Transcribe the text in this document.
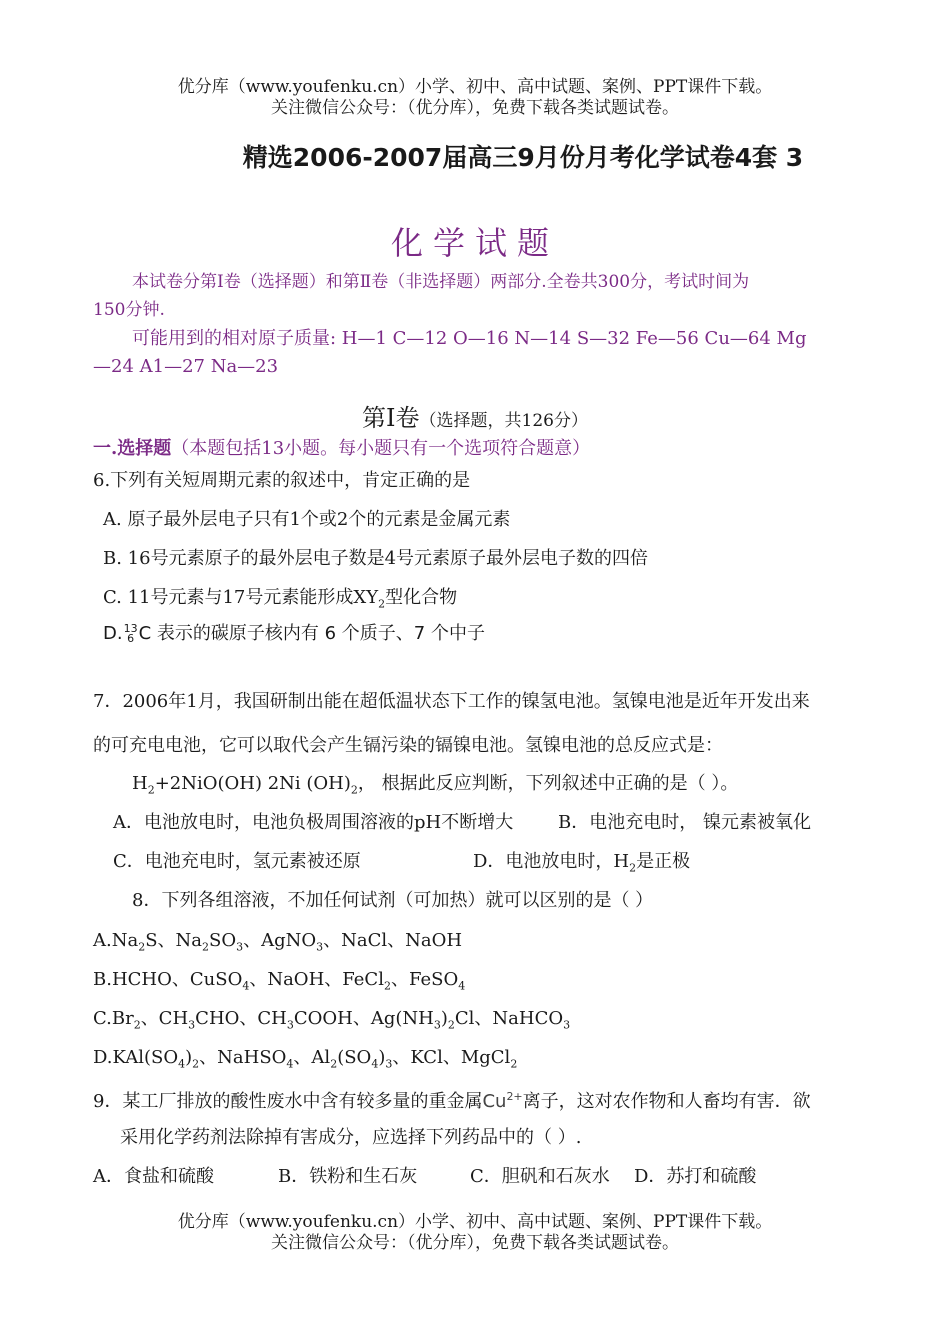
优分库（www.youfenku.cn）小学、初中、高中试题、案例、PPT课件下载。
关注微信公众号：（优分库），免费下载各类试题试卷。
精选2006-2007届高三9月份月考化学试卷4套 3
化学试题
本试卷分第Ⅰ卷（选择题）和第Ⅱ卷（非选择题）两部分.全卷共300分，考试时间为
150分钟.
可能用到的相对原子质量: H—1 C—12 O—16 N—14 S—32 Fe—56 Cu—64 Mg
—24 A1—27 Na—23
第Ⅰ卷（选择题，共126分）
一.选择题（本题包括13小题。每小题只有一个选项符合题意）
6.下列有关短周期元素的叙述中，肯定正确的是
A. 原子最外层电子只有1个或2个的元素是金属元素
B. 16号元素原子的最外层电子数是4号元素原子最外层电子数的四倍
C. 11号元素与17号元素能形成$XY_2$型化合物
D. 13
6 C 表示的碳原子核内有 6 个质子、7 个中子
7．2006年1月，我国研制出能在超低温状态下工作的镍氢电池。氢镍电池是近年开发出来
的可充电电池，它可以取代会产生镉污染的镉镍电池。氢镍电池的总反应式是：
$H_2+2NiO(OH)$ 2Ni $(OH)_2$， 根据此反应判断，下列叙述中正确的是（ ）。
A．电池放电时，电池负极周围溶液的pH不断增大 B．电池充电时， 镍元素被氧化
C．电池充电时，氢元素被还原	D．电池放电时，$H_2$是正极
8．下列各组溶液，不加任何试剂（可加热）就可以区别的是（ ）
$A.Na_2S$、$Na_2SO_3$、AgNO$_3$、NaCl、NaOH
B.HCHO、CuSO$_4$、NaOH、FeCl$_2$、FeSO$_4$
$C.Br_2$、$CH_3CHO$、$CH_3COOH$、$Ag(NH_3)_2Cl$、NaHCO$_3$
$D.KAl(SO_4)_2$、NaHSO$_4$、$Al_2(SO_4)_3$、KCl、MgCl$_2$
9．某工厂排放的酸性废水中含有较多量的重金属$Cu^{2+}$离子，这对农作物和人畜均有害．欲
采用化学药剂法除掉有害成分，应选择下列药品中的（ ）.
A．食盐和硫酸	B．铁粉和生石灰	C．胆矾和石灰水 D．苏打和硫酸
优分库（www.youfenku.cn）小学、初中、高中试题、案例、PPT课件下载。
关注微信公众号：（优分库），免费下载各类试题试卷。
